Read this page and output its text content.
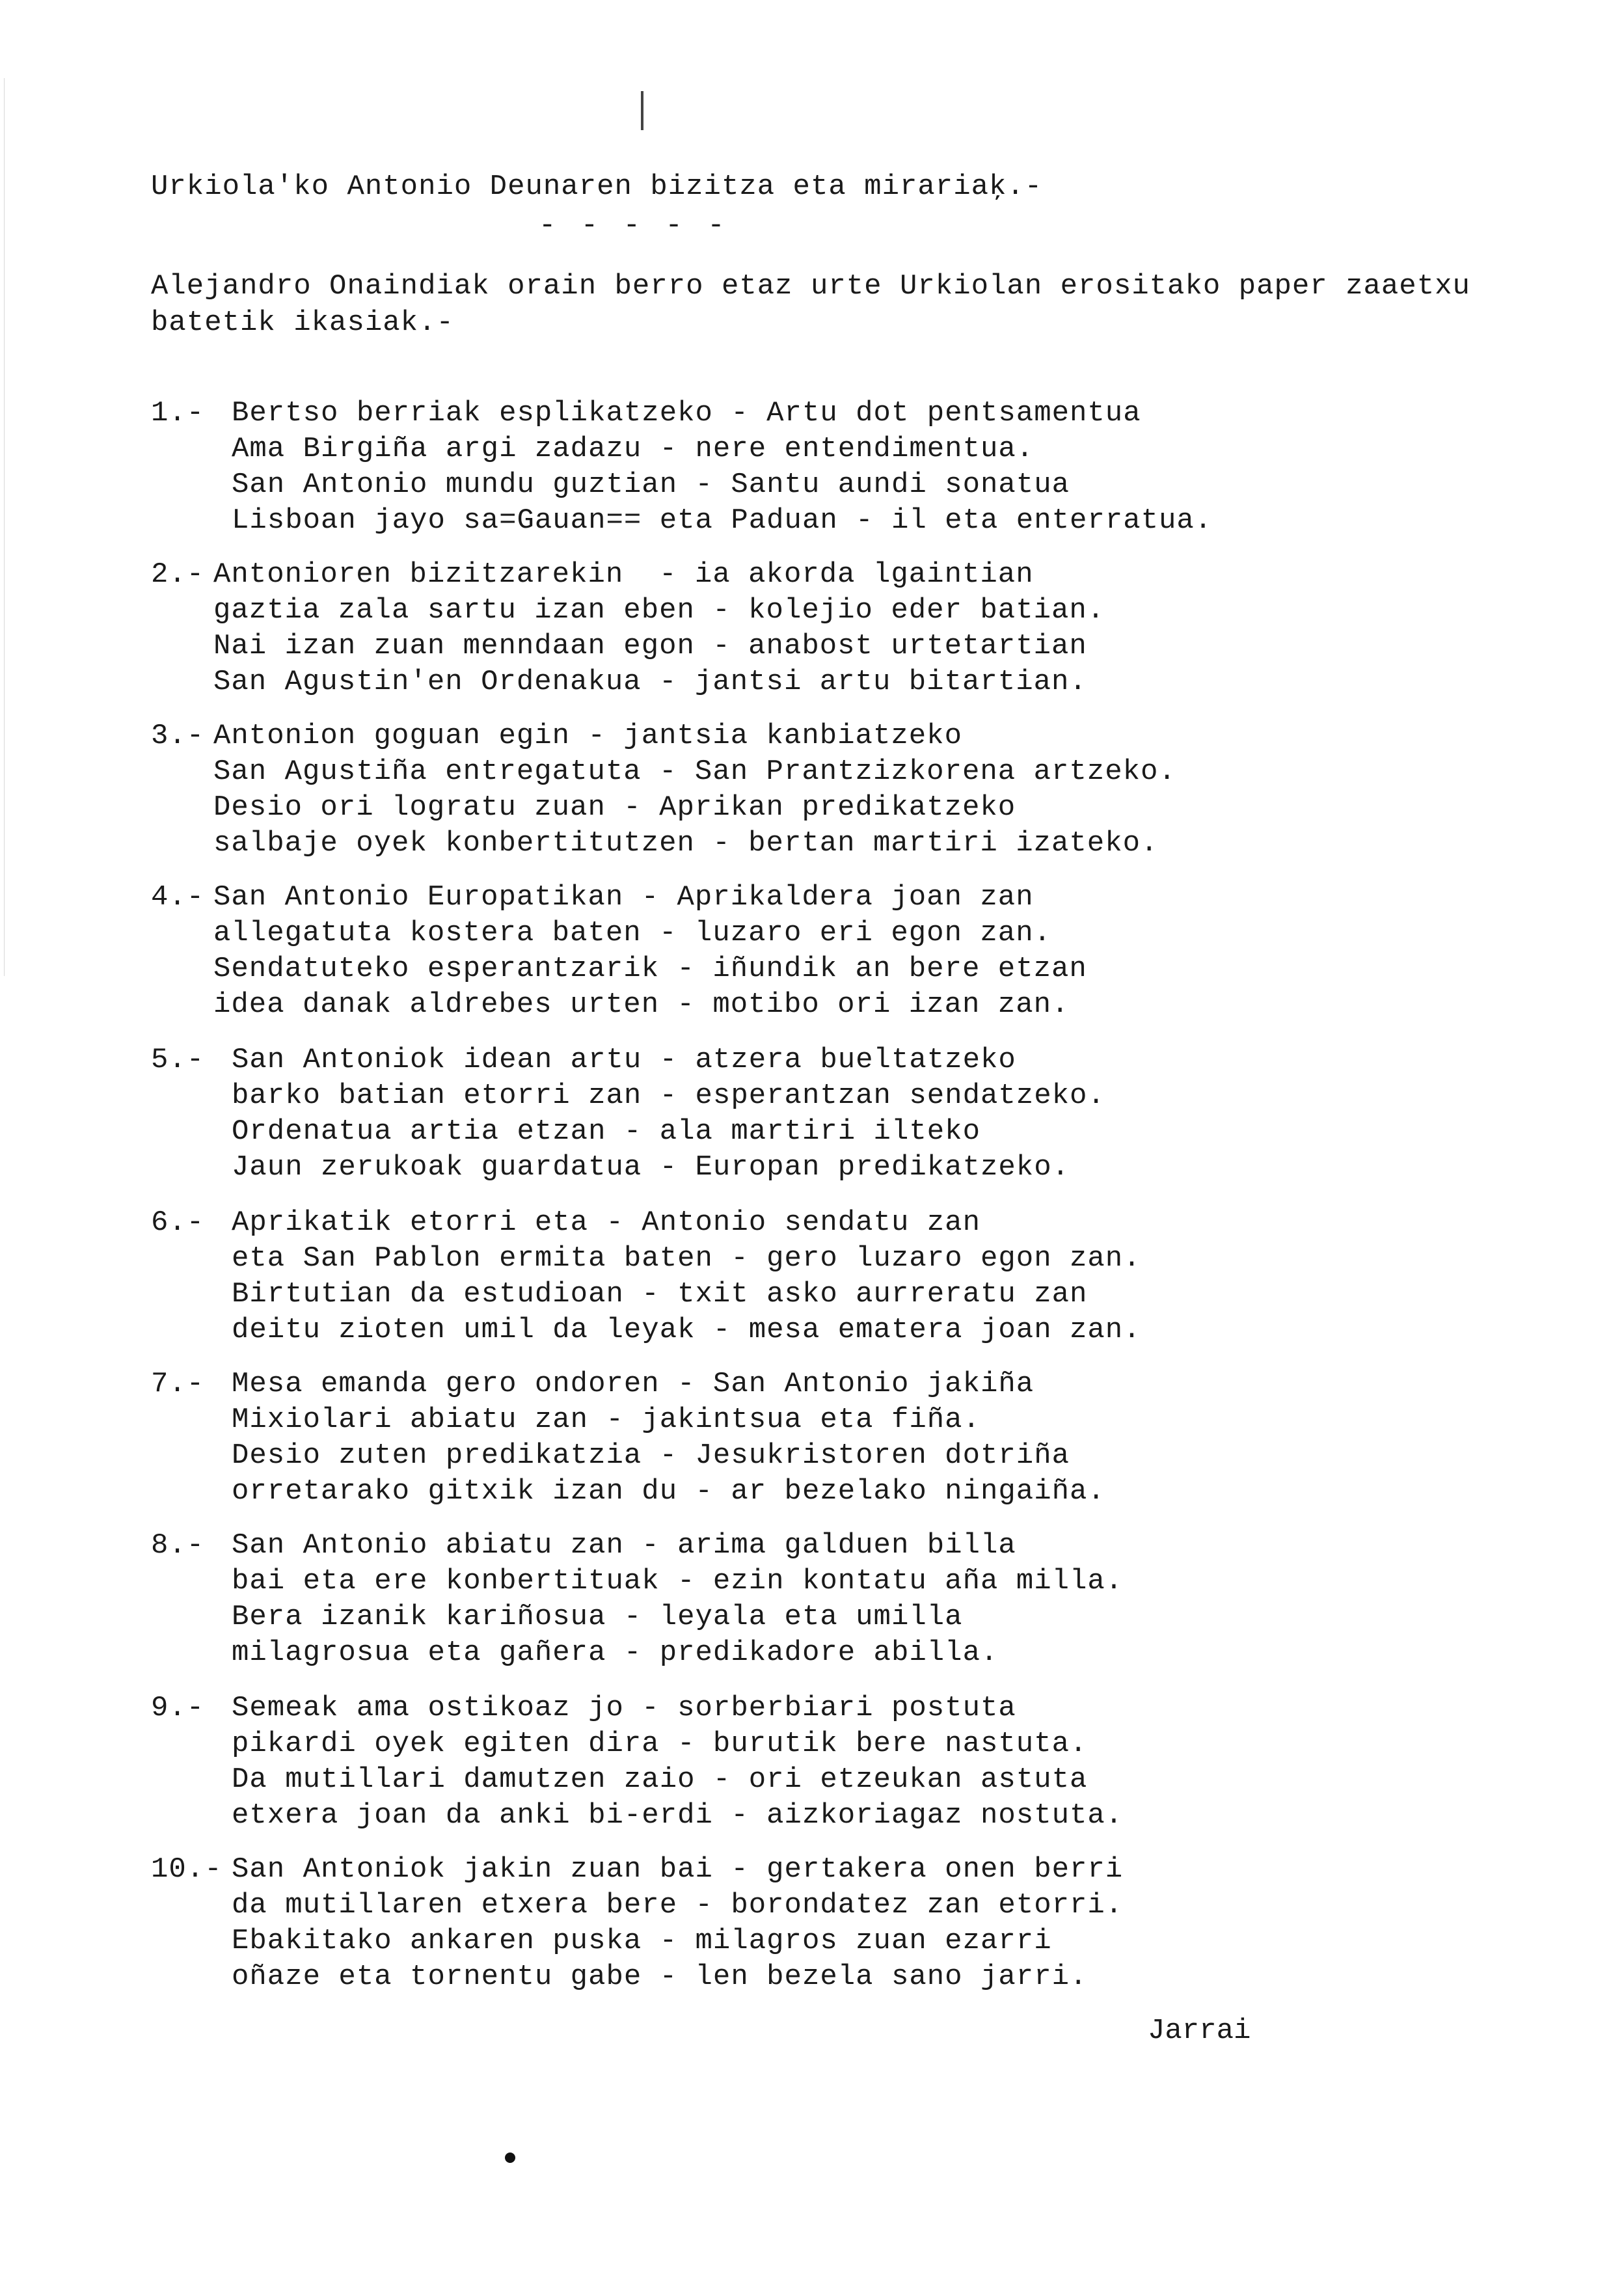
Urkiola'ko Antonio Deunaren bizitza eta mirariaķ.-
- - - - -
Alejandro Onaindiak orain berro etaz urte Urkiolan erositako paper zaaetxu batetik ikasiak.-
1.- Bertso berriak esplikatzeko - Artu dot pentsamentua
Ama Birgiña argi zadazu - nere entendimentua.
San Antonio mundu guztian - Santu aundi sonatua
Lisboan jayo sa=Gauan== eta Paduan - il eta enterratua.
2.- Antonioren bizitzarekin  - ia akorda lgaintian
gaztia zala sartu izan eben - kolejio eder batian.
Nai izan zuan menndaan egon - anabost urtetartian
San Agustin'en Ordenakua - jantsi artu bitartian.
3.- Antonion goguan egin - jantsia kanbiatzeko
San Agustiña entregatuta - San Prantzizkorena artzeko.
Desio ori logratu zuan - Aprikan predikatzeko
salbaje oyek konbertitutzen - bertan martiri izateko.
4.- San Antonio Europatikan - Aprikaldera joan zan
allegatuta kostera baten - luzaro eri egon zan.
Sendatuteko esperantzarik - iñundik an bere etzan
idea danak aldrebes urten - motibo ori izan zan.
5.- San Antoniok idean artu - atzera bueltatzeko
barko batian etorri zan - esperantzan sendatzeko.
Ordenatua artia etzan - ala martiri ilteko
Jaun zerukoak guardatua - Europan predikatzeko.
6.- Aprikatik etorri eta - Antonio sendatu zan
eta San Pablon ermita baten - gero luzaro egon zan.
Birtutian da estudioan - txit asko aurreratu zan
deitu zioten umil da leyak - mesa ematera joan zan.
7.- Mesa emanda gero ondoren - San Antonio jakiña
Mixiolari abiatu zan - jakintsua eta fiña.
Desio zuten predikatzia - Jesukristoren dotriña
orretarako gitxik izan du - ar bezelako ningaiña.
8.- San Antonio abiatu zan - arima galduen billa
bai eta ere konbertituak - ezin kontatu aña milla.
Bera izanik kariñosua - leyala eta umilla
milagrosua eta gañera - predikadore abilla.
9.- Semeak ama ostikoaz jo - sorberbiari postuta
pikardi oyek egiten dira - burutik bere nastuta.
Da mutillari damutzen zaio - ori etzeukan astuta
etxera joan da anki bi-erdi - aizkoriagaz nostuta.
10.- San Antoniok jakin zuan bai - gertakera onen berri
da mutillaren etxera bere - borondatez zan etorri.
Ebakitako ankaren puska - milagros zuan ezarri
oñaze eta tornentu gabe - len bezela sano jarri.
Jarrai
